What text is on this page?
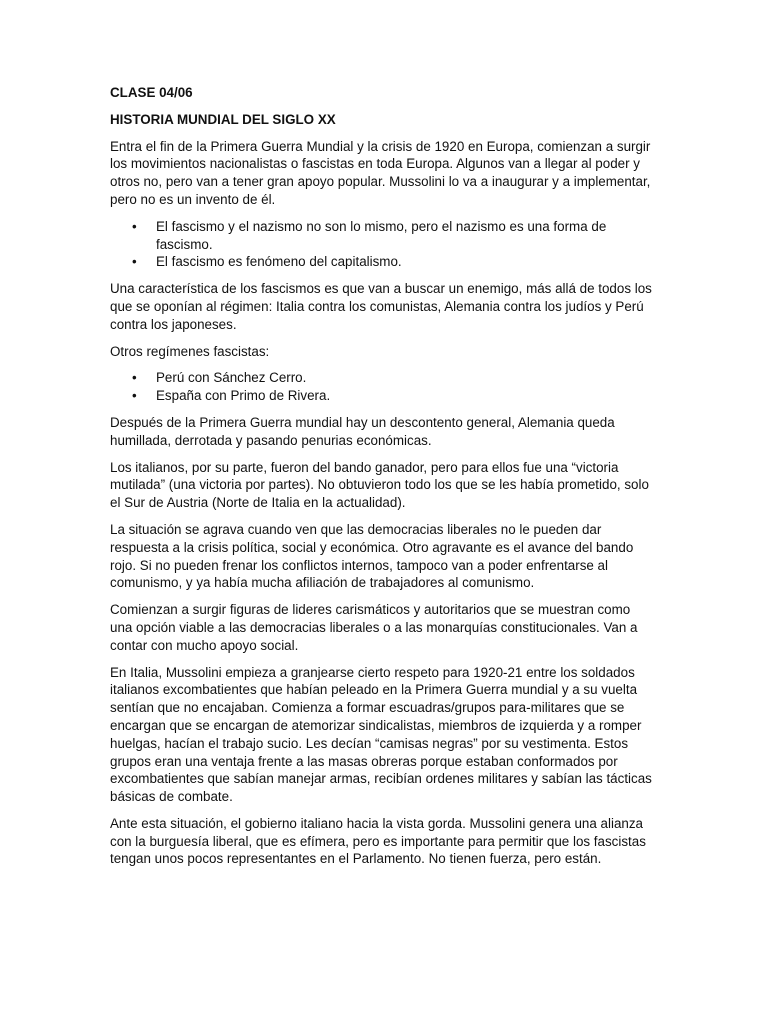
CLASE 04/06

HISTORIA MUNDIAL DEL SIGLO XX

Entra el fin de la Primera Guerra Mundial y la crisis de 1920 en Europa, comienzan a surgir los movimientos nacionalistas o fascistas en toda Europa. Algunos van a llegar al poder y otros no, pero van a tener gran apoyo popular. Mussolini lo va a inaugurar y a implementar, pero no es un invento de él.

• El fascismo y el nazismo no son lo mismo, pero el nazismo es una forma de fascismo.
• El fascismo es fenómeno del capitalismo.

Una característica de los fascismos es que van a buscar un enemigo, más allá de todos los que se oponían al régimen: Italia contra los comunistas, Alemania contra los judíos y Perú contra los japoneses.

Otros regímenes fascistas:

• Perú con Sánchez Cerro.
• España con Primo de Rivera.

Después de la Primera Guerra mundial hay un descontento general, Alemania queda humillada, derrotada y pasando penurias económicas.

Los italianos, por su parte, fueron del bando ganador, pero para ellos fue una “victoria mutilada” (una victoria por partes). No obtuvieron todo los que se les había prometido, solo el Sur de Austria (Norte de Italia en la actualidad).

La situación se agrava cuando ven que las democracias liberales no le pueden dar respuesta a la crisis política, social y económica. Otro agravante es el avance del bando rojo. Si no pueden frenar los conflictos internos, tampoco van a poder enfrentarse al comunismo, y ya había mucha afiliación de trabajadores al comunismo.

Comienzan a surgir figuras de lideres carismáticos y autoritarios que se muestran como una opción viable a las democracias liberales o a las monarquías constitucionales. Van a contar con mucho apoyo social.

En Italia, Mussolini empieza a granjearse cierto respeto para 1920-21 entre los soldados italianos excombatientes que habían peleado en la Primera Guerra mundial y a su vuelta sentían que no encajaban. Comienza a formar escuadras/grupos para-militares que se encargan que se encargan de atemorizar sindicalistas, miembros de izquierda y a romper huelgas, hacían el trabajo sucio. Les decían “camisas negras” por su vestimenta. Estos grupos eran una ventaja frente a las masas obreras porque estaban conformados por excombatientes que sabían manejar armas, recibían ordenes militares y sabían las tácticas básicas de combate.

Ante esta situación, el gobierno italiano hacia la vista gorda. Mussolini genera una alianza con la burguesía liberal, que es efímera, pero es importante para permitir que los fascistas tengan unos pocos representantes en el Parlamento. No tienen fuerza, pero están.
